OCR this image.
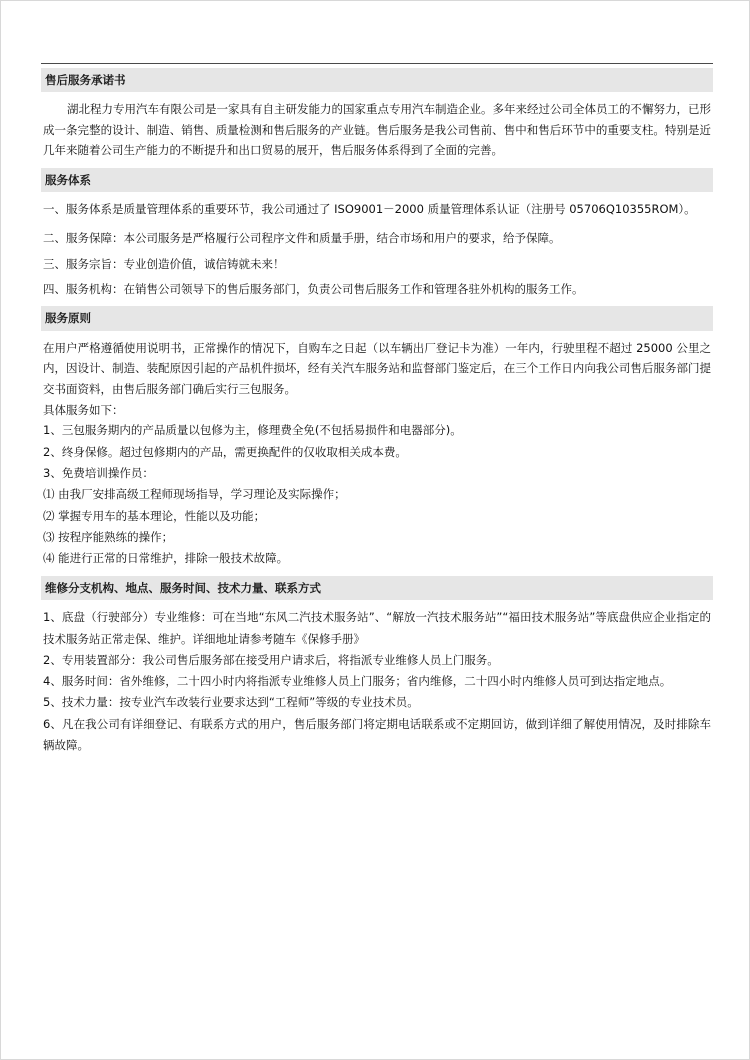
售后服务承诺书

湖北程力专用汽车有限公司是一家具有自主研发能力的国家重点专用汽车制造企业。多年来经过公司全体员工的不懈努力，已形成一条完整的设计、制造、销售、质量检测和售后服务的产业链。售后服务是我公司售前、售中和售后环节中的重要支柱。特别是近几年来随着公司生产能力的不断提升和出口贸易的展开，售后服务体系得到了全面的完善。

服务体系

一、服务体系是质量管理体系的重要环节，我公司通过了 ISO9001－2000 质量管理体系认证（注册号 05706Q10355ROM）。

二、服务保障：本公司服务是严格履行公司程序文件和质量手册，结合市场和用户的要求，给予保障。

三、服务宗旨：专业创造价值，诚信铸就未来！

四、服务机构：在销售公司领导下的售后服务部门，负责公司售后服务工作和管理各驻外机构的服务工作。

服务原则

在用户严格遵循使用说明书，正常操作的情况下，自购车之日起（以车辆出厂登记卡为准）一年内，行驶里程不超过 25000 公里之内，因设计、制造、装配原因引起的产品机件损坏，经有关汽车服务站和监督部门鉴定后，在三个工作日内向我公司售后服务部门提交书面资料，由售后服务部门确后实行三包服务。

具体服务如下：

1、三包服务期内的产品质量以包修为主，修理费全免(不包括易损件和电器部分)。

2、终身保修。超过包修期内的产品，需更换配件的仅收取相关成本费。

3、免费培训操作员：

⑴ 由我厂安排高级工程师现场指导，学习理论及实际操作；

⑵ 掌握专用车的基本理论，性能以及功能；

⑶ 按程序能熟练的操作；

⑷ 能进行正常的日常维护，排除一般技术故障。

维修分支机构、地点、服务时间、技术力量、联系方式

1、底盘（行驶部分）专业维修：可在当地“东风二汽技术服务站”、“解放一汽技术服务站”“福田技术服务站”等底盘供应企业指定的技术服务站正常走保、维护。详细地址请参考随车《保修手册》

2、专用装置部分：我公司售后服务部在接受用户请求后，将指派专业维修人员上门服务。

4、服务时间：省外维修，二十四小时内将指派专业维修人员上门服务；省内维修，二十四小时内维修人员可到达指定地点。

5、技术力量：按专业汽车改装行业要求达到“工程师”等级的专业技术员。

6、凡在我公司有详细登记、有联系方式的用户，售后服务部门将定期电话联系或不定期回访，做到详细了解使用情况，及时排除车辆故障。
